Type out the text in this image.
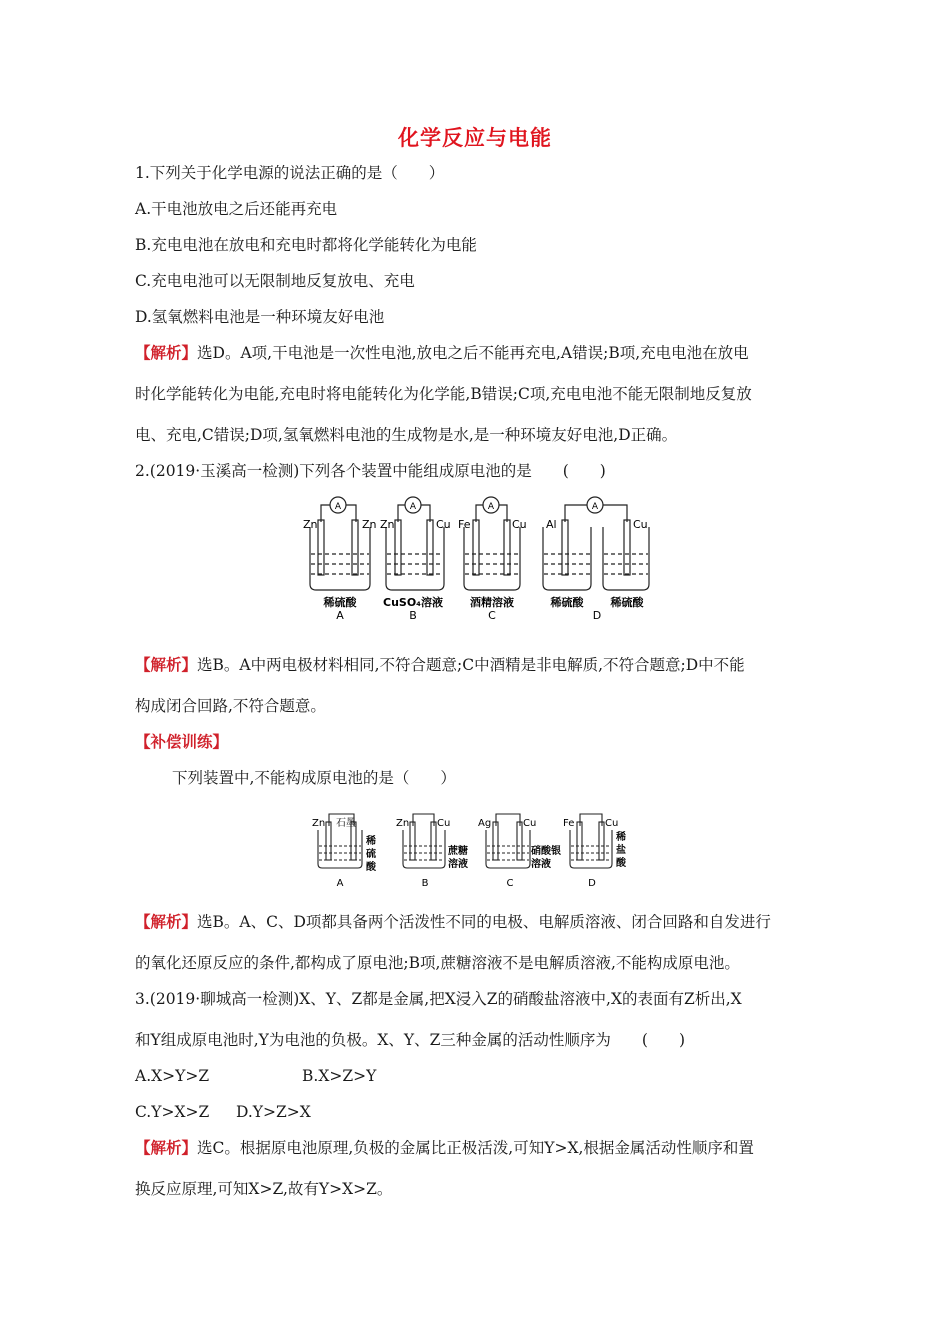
化学反应与电能
1.下列关于化学电源的说法正确的是（　　）
A.干电池放电之后还能再充电
B.充电电池在放电和充电时都将化学能转化为电能
C.充电电池可以无限制地反复放电、充电
D.氢氧燃料电池是一种环境友好电池
【解析】选D。A项,干电池是一次性电池,放电之后不能再充电,A错误;B项,充电电池在放电
时化学能转化为电能,充电时将电能转化为化学能,B错误;C项,充电电池不能无限制地反复放
电、充电,C错误;D项,氢氧燃料电池的生成物是水,是一种环境友好电池,D正确。
2.(2019·玉溪高一检测)下列各个装置中能组成原电池的是　　(　　)
A
Zn	Zn
稀硫酸
A
A
Zn	Cu
CuSO₄溶液
B
A
Fe	Cu
酒精溶液
C
A
Al	Cu
稀硫酸 稀硫酸
D
【解析】选B。A中两电极材料相同,不符合题意;C中酒精是非电解质,不符合题意;D中不能
构成闭合回路,不符合题意。
【补偿训练】
下列装置中,不能构成原电池的是（　　）
Zn 石墨
稀
硫
酸
A
Zn	Cu
蔗糖
溶液
B
Ag	Cu
硝酸银
溶液
C
Fe	Cu
稀
盐
酸
D
【解析】选B。A、C、D项都具备两个活泼性不同的电极、电解质溶液、闭合回路和自发进行
的氧化还原反应的条件,都构成了原电池;B项,蔗糖溶液不是电解质溶液,不能构成原电池。
3.(2019·聊城高一检测)X、Y、Z都是金属,把X浸入Z的硝酸盐溶液中,X的表面有Z析出,X
和Y组成原电池时,Y为电池的负极。X、Y、Z三种金属的活动性顺序为　　(　　)
A.X>Y>Z	B.X>Z>Y
C.Y>X>Z D.Y>Z>X
【解析】选C。根据原电池原理,负极的金属比正极活泼,可知Y>X,根据金属活动性顺序和置
换反应原理,可知X>Z,故有Y>X>Z。
